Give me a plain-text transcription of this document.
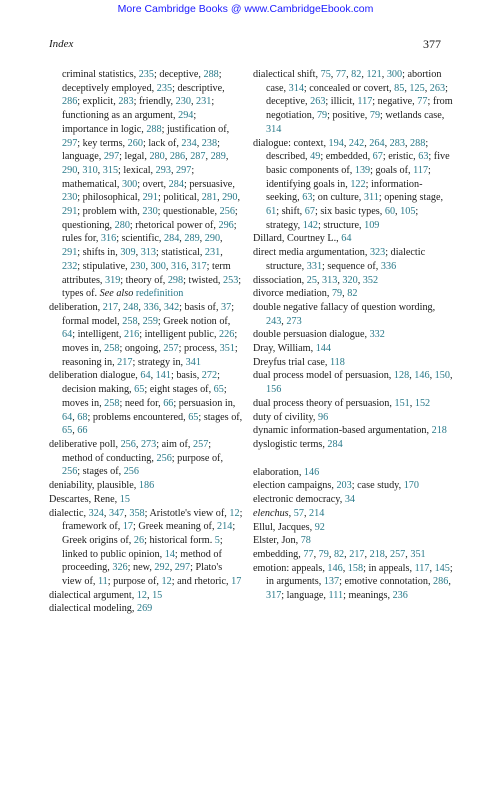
More Cambridge Books @ www.CambridgeEbook.com
Index	377

criminal statistics, 235; deceptive, 288; deceptively employed, 235; descriptive, 286; explicit, 283; friendly, 230, 231; functioning as an argument, 294; importance in logic, 288; justification of, 297; key terms, 260; lack of, 234, 238; language, 297; legal, 280, 286, 287, 289, 290, 310, 315; lexical, 293, 297; mathematical, 300; overt, 284; persuasive, 230; philosophical, 291; political, 281, 290, 291; problem with, 230; questionable, 256; questioning, 280; rhetorical power of, 296; rules for, 316; scientific, 284, 289, 290, 291; shifts in, 309, 313; statistical, 231, 232; stipulative, 230, 300, 316, 317; term attributes, 319; theory of, 298; twisted, 253; types of. See also redefinition

deliberation, 217, 248, 336, 342; basis of, 37; formal model, 258, 259; Greek notion of, 64; intelligent, 216; intelligent public, 226; moves in, 258; ongoing, 257; process, 351; reasoning in, 217; strategy in, 341

deliberation dialogue, 64, 141; basis, 272; decision making, 65; eight stages of, 65; moves in, 258; need for, 66; persuasion in, 64, 68; problems encountered, 65; stages of, 65, 66

deliberative poll, 256, 273; aim of, 257; method of conducting, 256; purpose of, 256; stages of, 256

deniability, plausible, 186

Descartes, Rene, 15

dialectic, 324, 347, 358; Aristotle's view of, 12; framework of, 17; Greek meaning of, 214; Greek origins of, 26; historical form. 5; linked to public opinion, 14; method of proceeding, 326; new, 292, 297; Plato's view of, 11; purpose of, 12; and rhetoric, 17

dialectical argument, 12, 15

dialectical modeling, 269

dialectical shift, 75, 77, 82, 121, 300; abortion case, 314; concealed or covert, 85, 125, 263; deceptive, 263; illicit, 117; negative, 77; from negotiation, 79; positive, 79; wetlands case, 314

dialogue: context, 194, 242, 264, 283, 288; described, 49; embedded, 67; eristic, 63; five basic components of, 139; goals of, 117; identifying goals in, 122; information-seeking, 63; on culture, 311; opening stage, 61; shift, 67; six basic types, 60, 105; strategy, 142; structure, 109

Dillard, Courtney L., 64

direct media argumentation, 323; dialectic structure, 331; sequence of, 336

dissociation, 25, 313, 320, 352

divorce mediation, 79, 82

double negative fallacy of question wording, 243, 273

double persuasion dialogue, 332

Dray, William, 144

Dreyfus trial case, 118

dual process model of persuasion, 128, 146, 150, 156

dual process theory of persuasion, 151, 152

duty of civility, 96

dynamic information-based argumentation, 218

dyslogistic terms, 284

elaboration, 146

election campaigns, 203; case study, 170

electronic democracy, 34

elenchus, 57, 214

Ellul, Jacques, 92

Elster, Jon, 78

embedding, 77, 79, 82, 217, 218, 257, 351

emotion: appeals, 146, 158; in appeals, 117, 145; in arguments, 137; emotive connotation, 286, 317; language, 111; meanings, 236
